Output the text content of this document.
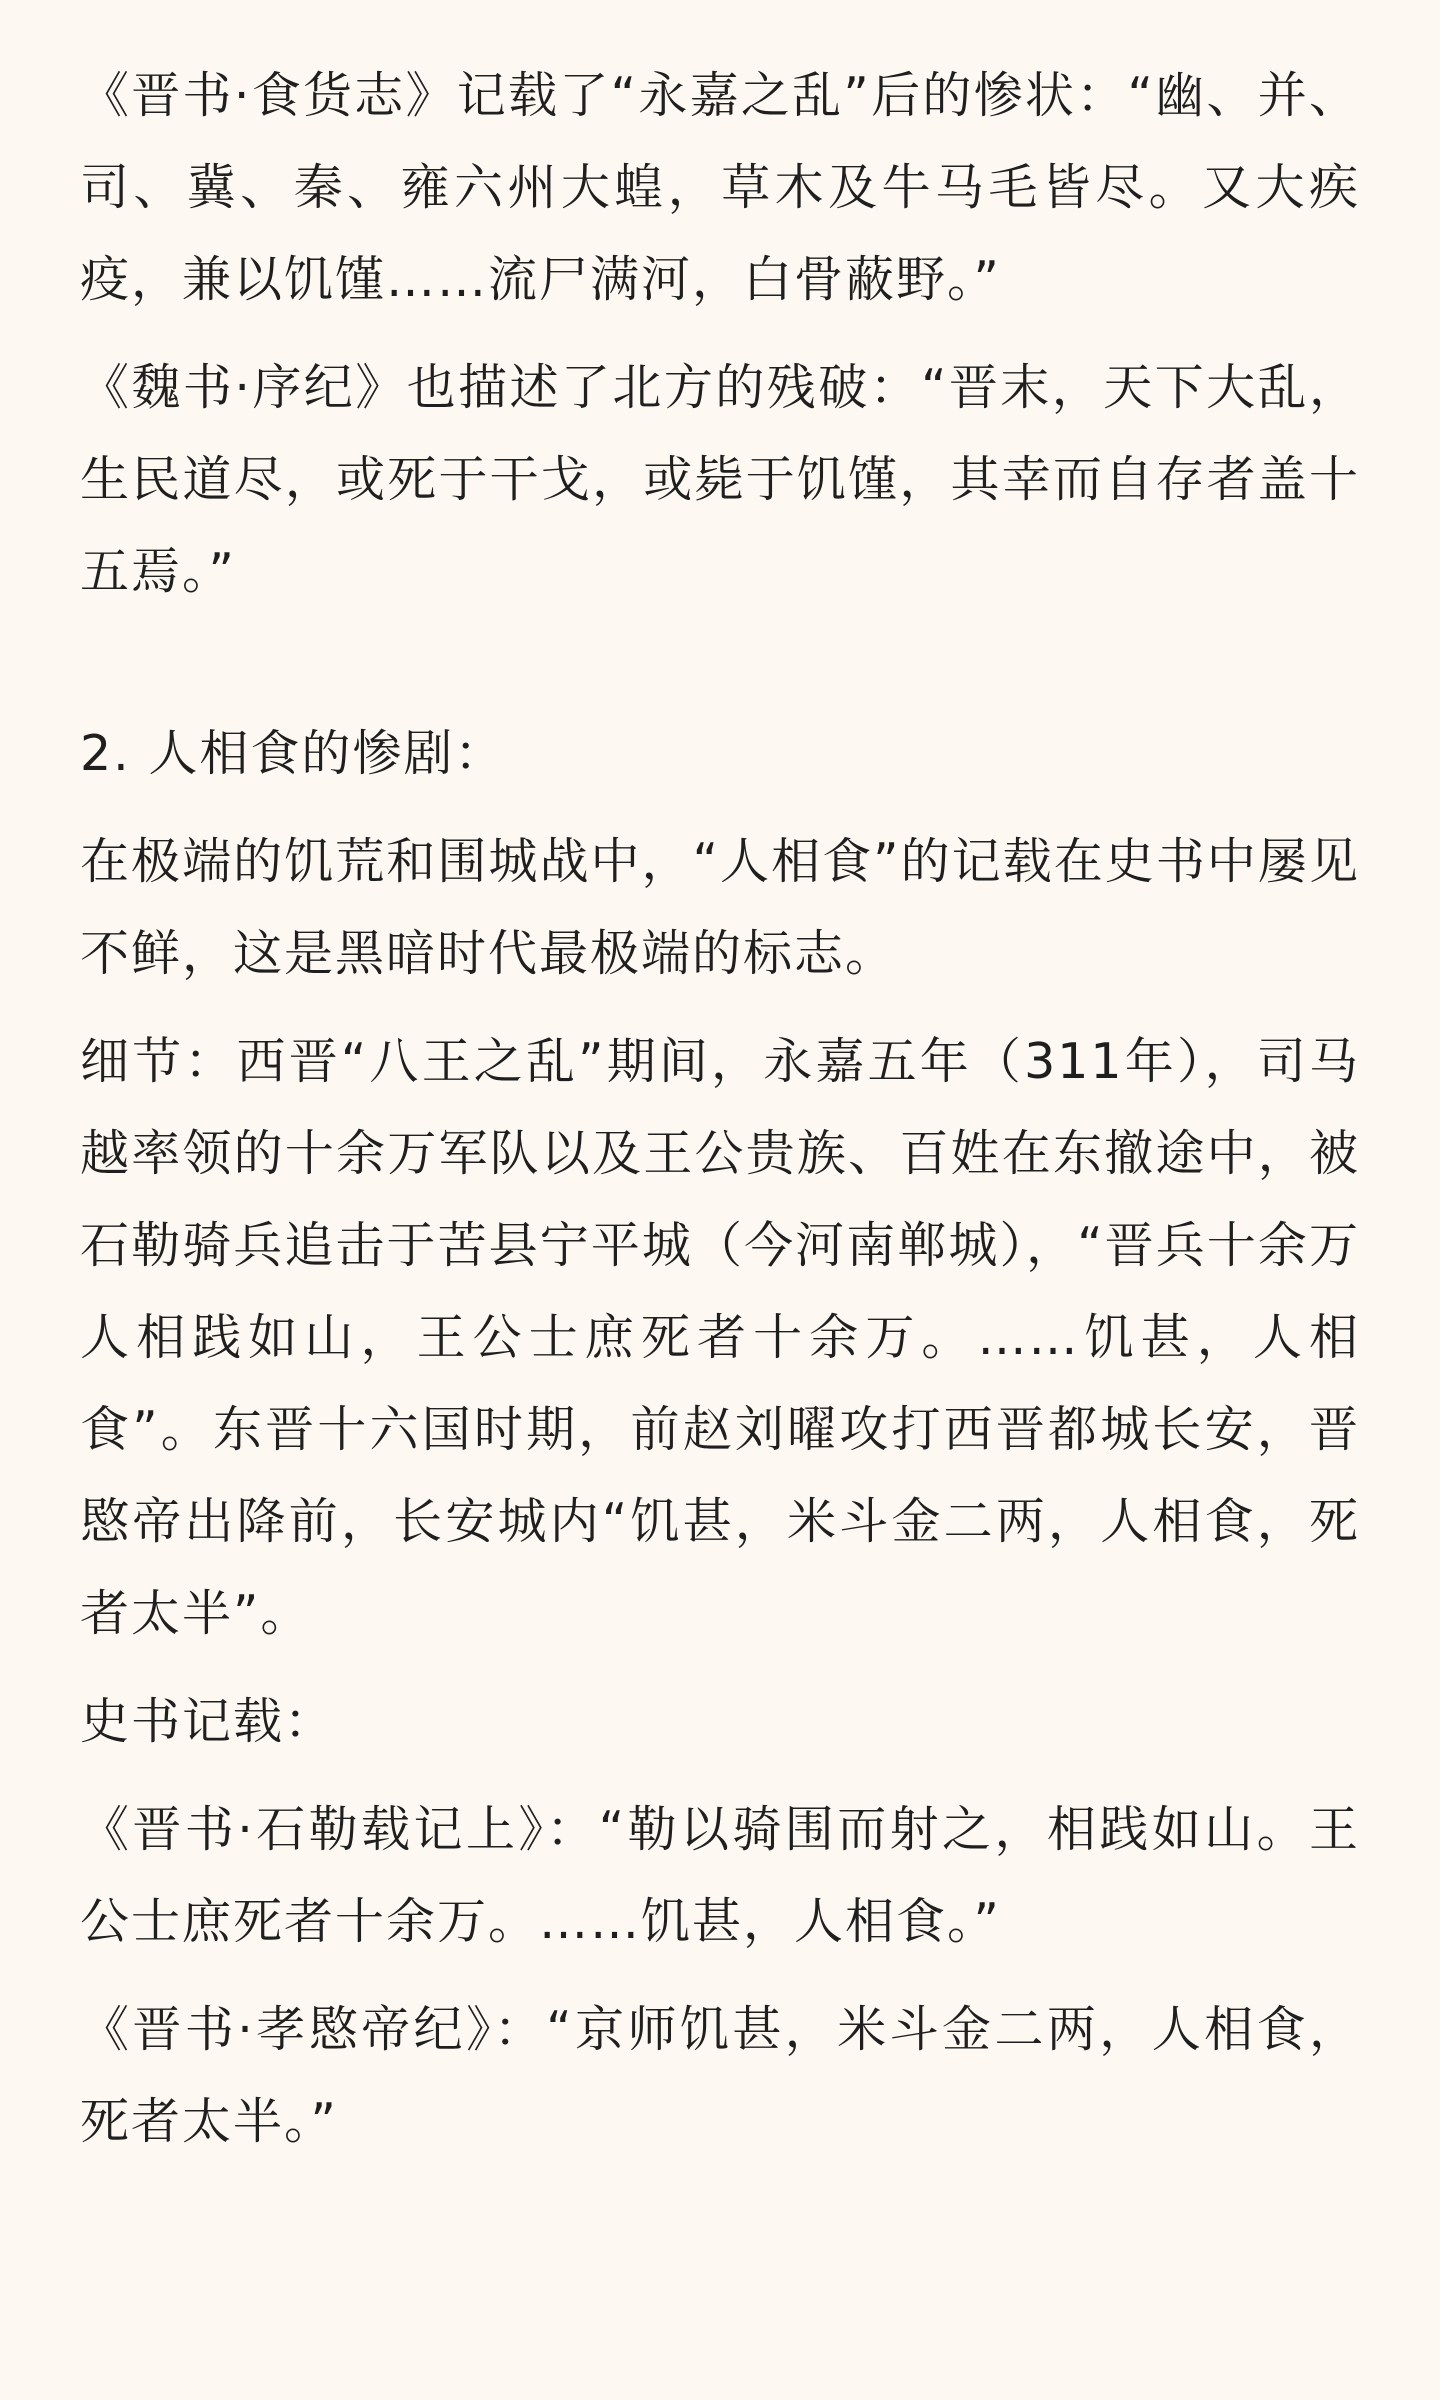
《晋书·食货志》记载了“永嘉之乱”后的惨状：“幽、并、司、冀、秦、雍六州大蝗，草木及牛马毛皆尽。又大疾疫，兼以饥馑……流尸满河，白骨蔽野。”

《魏书·序纪》也描述了北方的残破：“晋末，天下大乱，生民道尽，或死于干戈，或毙于饥馑，其幸而自存者盖十五焉。”

2. 人相食的惨剧：

在极端的饥荒和围城战中，“人相食”的记载在史书中屡见不鲜，这是黑暗时代最极端的标志。

细节：西晋“八王之乱”期间，永嘉五年（311年），司马越率领的十余万军队以及王公贵族、百姓在东撤途中，被石勒骑兵追击于苦县宁平城（今河南郸城），“晋兵十余万人相践如山，王公士庶死者十余万。……饥甚，人相食”。东晋十六国时期，前赵刘曜攻打西晋都城长安，晋愍帝出降前，长安城内“饥甚，米斗金二两，人相食，死者太半”。

史书记载：

《晋书·石勒载记上》：“勒以骑围而射之，相践如山。王公士庶死者十余万。……饥甚，人相食。”

《晋书·孝愍帝纪》：“京师饥甚，米斗金二两，人相食，死者太半。”
